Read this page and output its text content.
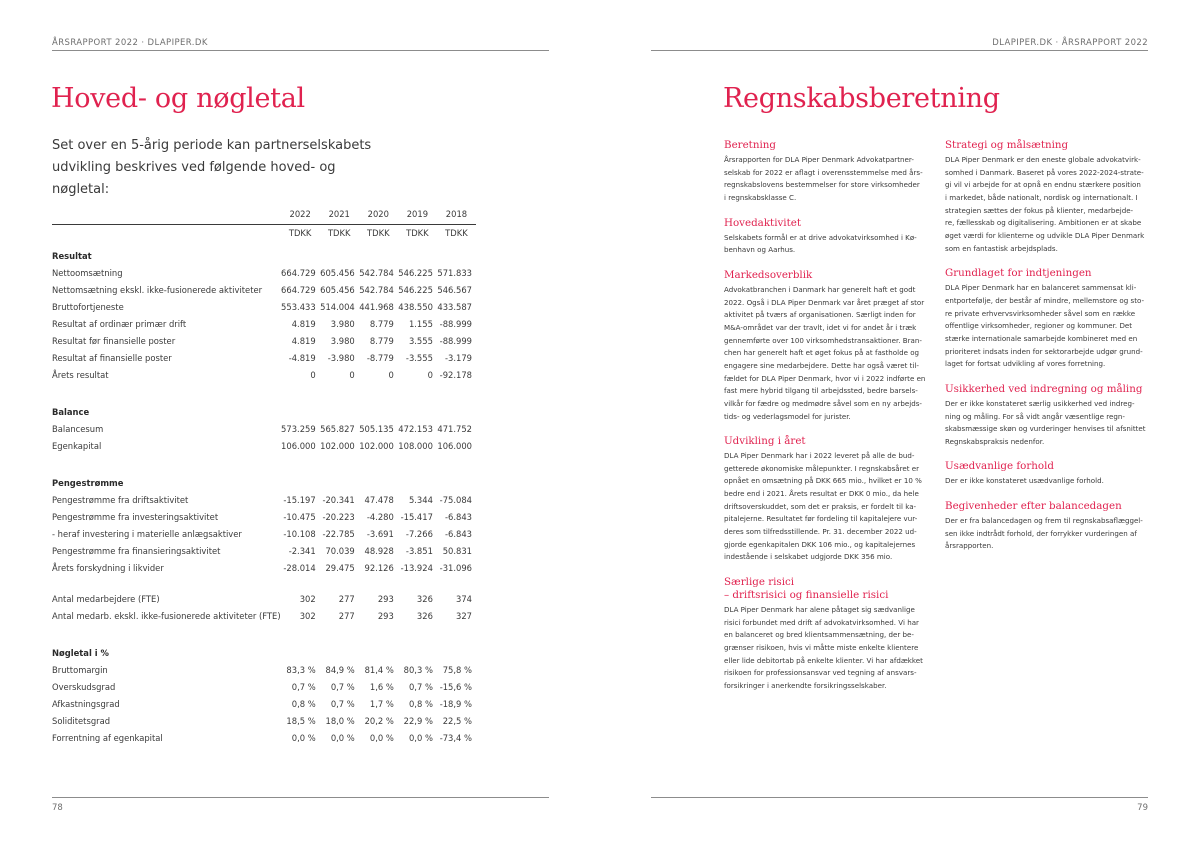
ÅRSRAPPORT 2022 · DLAPIPER.DK
Hoved- og nøgletal

Set over en 5-årig periode kan partnerselskabets udvikling beskrives ved følgende hoved- og nøgletal:

	2022	2021	2020	2019	2018
	TDKK	TDKK	TDKK	TDKK	TDKK
Resultat					
Nettoomsætning	664.729	605.456	542.784	546.225	571.833
Nettomsætning ekskl. ikke-fusionerede aktiviteter	664.729	605.456	542.784	546.225	546.567
Bruttofortjeneste	553.433	514.004	441.968	438.550	433.587
Resultat af ordinær primær drift	4.819	3.980	8.779	1.155	-88.999
Resultat før finansielle poster	4.819	3.980	8.779	3.555	-88.999
Resultat af finansielle poster	-4.819	-3.980	-8.779	-3.555	-3.179
Årets resultat	0	0	0	0	-92.178

Balance					
Balancesum	573.259	565.827	505.135	472.153	471.752
Egenkapital	106.000	102.000	102.000	108.000	106.000

Pengestrømme					
Pengestrømme fra driftsaktivitet	-15.197	-20.341	47.478	5.344	-75.084
Pengestrømme fra investeringsaktivitet	-10.475	-20.223	-4.280	-15.417	-6.843
- heraf investering i materielle anlægsaktiver	-10.108	-22.785	-3.691	-7.266	-6.843
Pengestrømme fra finansieringsaktivitet	-2.341	70.039	48.928	-3.851	50.831
Årets forskydning i likvider	-28.014	29.475	92.126	-13.924	-31.096

Antal medarbejdere (FTE)	302	277	293	326	374
Antal medarb. ekskl. ikke-fusionerede aktiviteter (FTE)	302	277	293	326	327

Nøgletal i %					
Bruttomargin	83,3 %	84,9 %	81,4 %	80,3 %	75,8 %
Overskudsgrad	0,7 %	0,7 %	1,6 %	0,7 %	-15,6 %
Afkastningsgrad	0,8 %	0,7 %	1,7 %	0,8 %	-18,9 %
Soliditetsgrad	18,5 %	18,0 %	20,2 %	22,9 %	22,5 %
Forrentning af egenkapital	0,0 %	0,0 %	0,0 %	0,0 %	-73,4 %
78
DLAPIPER.DK · ÅRSRAPPORT 2022
Regnskabsberetning
Beretning

Årsrapporten for DLA Piper Denmark Advokatpartner-
selskab for 2022 er aflagt i overensstemmelse med års-
regnskabslovens bestemmelser for store virksomheder
i regnskabsklasse C.

Hovedaktivitet

Selskabets formål er at drive advokatvirksomhed i Kø-
benhavn og Aarhus.

Markedsoverblik

Advokatbranchen i Danmark har generelt haft et godt
2022. Også i DLA Piper Denmark var året præget af stor
aktivitet på tværs af organisationen. Særligt inden for
M&A-området var der travlt, idet vi for andet år i træk
gennemførte over 100 virksomhedstransaktioner. Bran-
chen har generelt haft et øget fokus på at fastholde og
engagere sine medarbejdere. Dette har også været til-
fældet for DLA Piper Denmark, hvor vi i 2022 indførte en
fast mere hybrid tilgang til arbejdssted, bedre barsels-
vilkår for fædre og medmødre såvel som en ny arbejds-
tids- og vederlagsmodel for jurister.

Udvikling i året

DLA Piper Denmark har i 2022 leveret på alle de bud-
getterede økonomiske målepunkter. I regnskabsåret er
opnået en omsætning på DKK 665 mio., hvilket er 10 %
bedre end i 2021. Årets resultat er DKK 0 mio., da hele
driftsoverskuddet, som det er praksis, er fordelt til ka-
pitalejerne. Resultatet før fordeling til kapitalejere vur-
deres som tilfredsstillende. Pr. 31. december 2022 ud-
gjorde egenkapitalen DKK 106 mio., og kapitalejernes
indestående i selskabet udgjorde DKK 356 mio.

Særlige risici
– driftsrisici og finansielle risici

DLA Piper Denmark har alene påtaget sig sædvanlige
risici forbundet med drift af advokatvirksomhed. Vi har
en balanceret og bred klientsammensætning, der be-
grænser risikoen, hvis vi måtte miste enkelte klientere
eller lide debitortab på enkelte klienter. Vi har afdækket
risikoen for professionsansvar ved tegning af ansvars-
forsikringer i anerkendte forsikringsselskaber.

Strategi og målsætning

DLA Piper Denmark er den eneste globale advokatvirk-
somhed i Danmark. Baseret på vores 2022-2024-strate-
gi vil vi arbejde for at opnå en endnu stærkere position
i markedet, både nationalt, nordisk og internationalt. I
strategien sættes der fokus på klienter, medarbejde-
re, fællesskab og digitalisering. Ambitionen er at skabe
øget værdi for klienterne og udvikle DLA Piper Denmark
som en fantastisk arbejdsplads.

Grundlaget for indtjeningen

DLA Piper Denmark har en balanceret sammensat kli-
entportefølje, der består af mindre, mellemstore og sto-
re private erhvervsvirksomheder såvel som en række
offentlige virksomheder, regioner og kommuner. Det
stærke internationale samarbejde kombineret med en
prioriteret indsats inden for sektorarbejde udgør grund-
laget for fortsat udvikling af vores forretning.

Usikkerhed ved indregning og måling

Der er ikke konstateret særlig usikkerhed ved indreg-
ning og måling. For så vidt angår væsentlige regn-
skabsmæssige skøn og vurderinger henvises til afsnittet
Regnskabspraksis nedenfor.

Usædvanlige forhold

Der er ikke konstateret usædvanlige forhold.

Begivenheder efter balancedagen

Der er fra balancedagen og frem til regnskabsaflæggel-
sen ikke indtrådt forhold, der forrykker vurderingen af
årsrapporten.

79
